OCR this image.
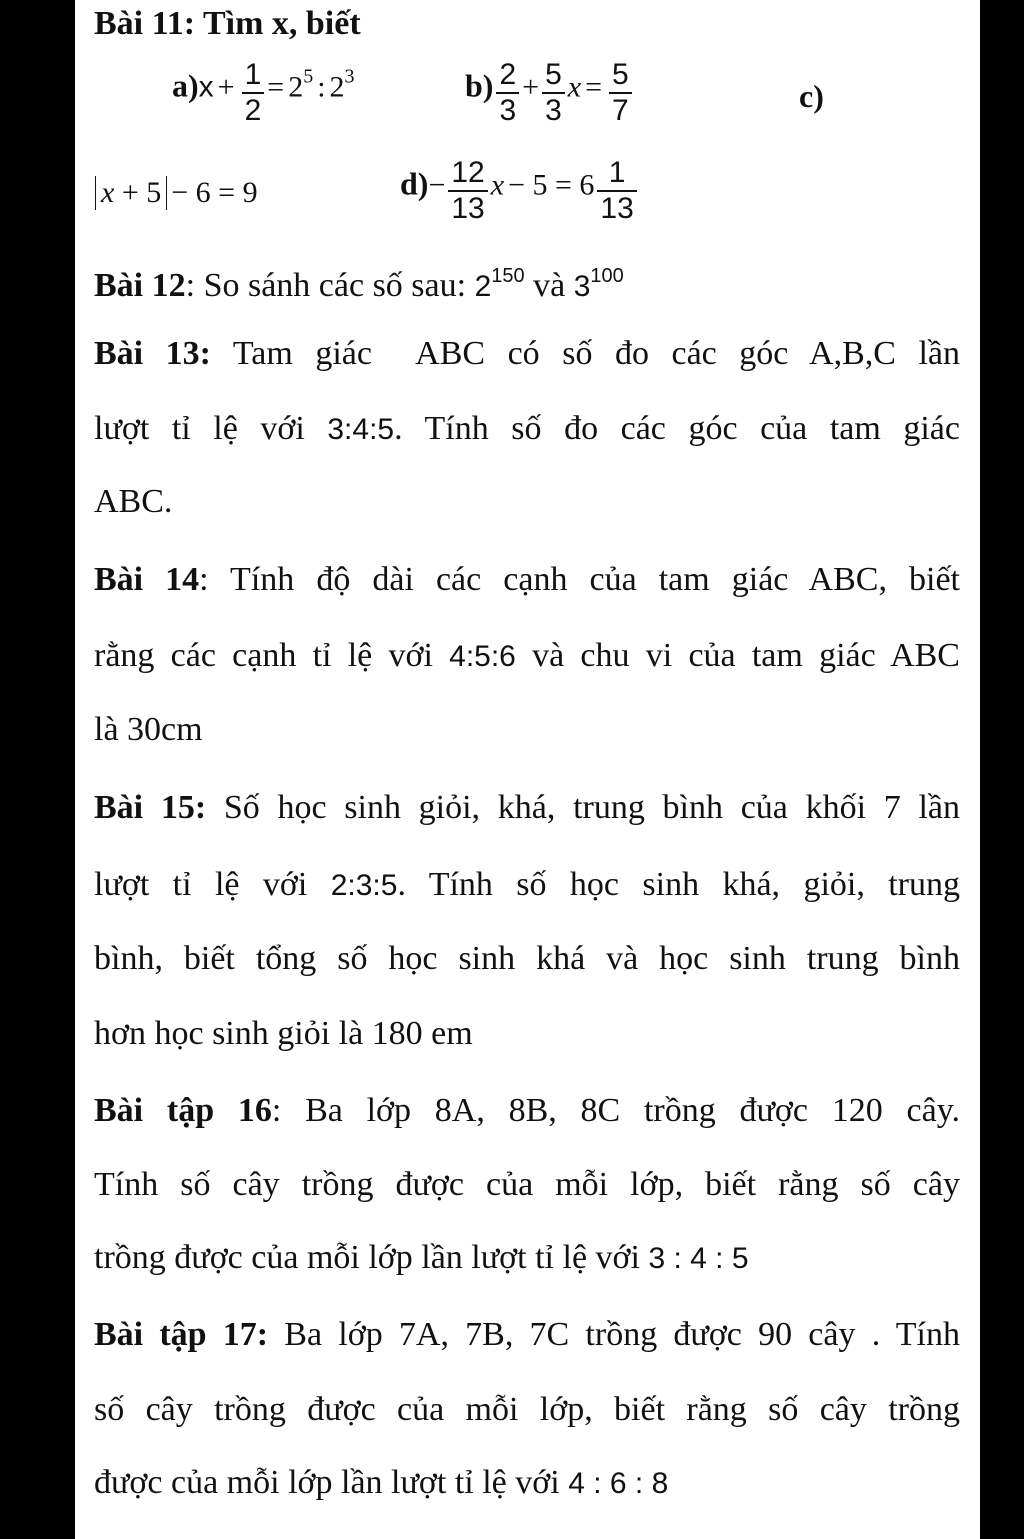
Bài 11: Tìm x, biết
$a)x + \frac{1}{2} = 25$ : 23	$b) \frac{2}{3} + \frac{5}{3}$ $x = \frac{5}{7}$	c)
x + 5 − 6 = 9	$d)- \frac{12}{13}$ $x - 5 = 6 \frac{1}{13}$
Bài 12: So sánh các số sau: $2^{150}$ và $3^{100}$
Bài 13: Tam giác  ABC có số đo các góc A,B,C lần
lượt tỉ lệ với 3:4:5. Tính số đo các góc của tam giác
ABC.
Bài 14: Tính độ dài các cạnh của tam giác ABC, biết
rằng các cạnh tỉ lệ với 4:5:6 và chu vi của tam giác ABC
là 30cm
Bài 15: Số học sinh giỏi, khá, trung bình của khối 7 lần
lượt tỉ lệ với 2:3:5. Tính số học sinh khá, giỏi, trung
bình, biết tổng số học sinh khá và học sinh trung bình
hơn học sinh giỏi là 180 em
Bài tập 16: Ba lớp 8A, 8B, 8C trồng được 120 cây.
Tính số cây trồng được của mỗi lớp, biết rằng số cây
trồng được của mỗi lớp lần lượt tỉ lệ với 3 : 4 : 5
Bài tập 17: Ba lớp 7A, 7B, 7C trồng được 90 cây . Tính
số cây trồng được của mỗi lớp, biết rằng số cây trồng
được của mỗi lớp lần lượt tỉ lệ với 4 : 6 : 8
